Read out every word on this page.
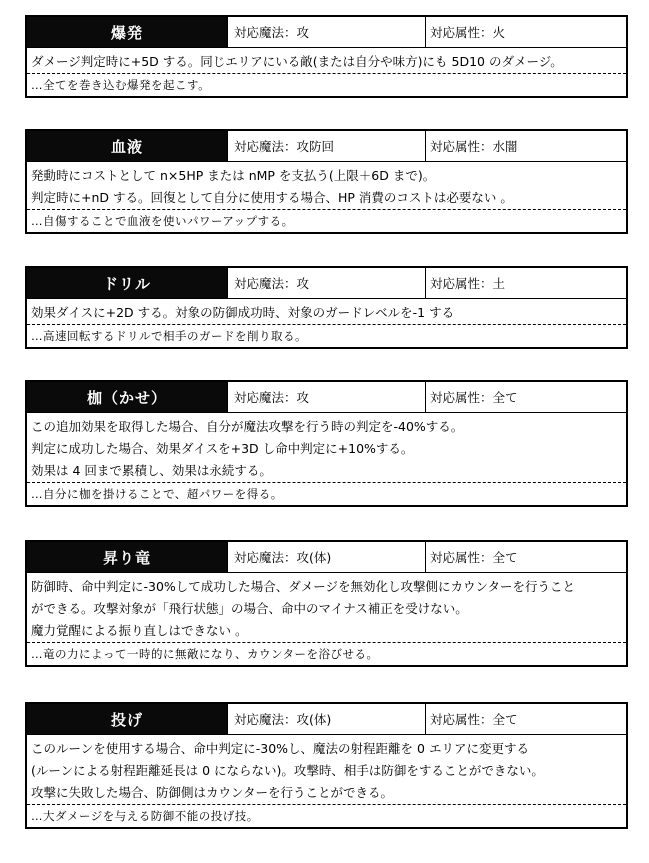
爆発	対応魔法：攻	対応属性：火
ダメージ判定時に+5D する。同じエリアにいる敵(または自分や味方)にも 5D10 のダメージ。
…全てを巻き込む爆発を起こす。
血液	対応魔法：攻防回	対応属性：水闇
発動時にコストとして n×5HP または nMP を支払う(上限＋6D まで)。
判定時に+nD する。回復として自分に使用する場合、HP 消費のコストは必要ない 。
…自傷することで血液を使いパワーアップする。
ドリル	対応魔法：攻	対応属性：土
効果ダイスに+2D する。対象の防御成功時、対象のガードレベルを-1 する
…高速回転するドリルで相手のガードを削り取る。
枷（かせ）	対応魔法：攻	対応属性：全て
この追加効果を取得した場合、自分が魔法攻撃を行う時の判定を-40%する。
判定に成功した場合、効果ダイスを+3D し命中判定に+10%する。
効果は 4 回まで累積し、効果は永続する。
…自分に枷を掛けることで、超パワーを得る。
昇り竜	対応魔法：攻(体)	対応属性：全て
防御時、命中判定に-30%して成功した場合、ダメージを無効化し攻撃側にカウンターを行うこと
ができる。攻撃対象が「飛行状態」の場合、命中のマイナス補正を受けない。
魔力覚醒による振り直しはできない 。
…竜の力によって一時的に無敵になり、カウンターを浴びせる。
投げ	対応魔法：攻(体)	対応属性：全て
このルーンを使用する場合、命中判定に-30%し、魔法の射程距離を 0 エリアに変更する
(ルーンによる射程距離延長は 0 にならない)。攻撃時、相手は防御をすることができない。
攻撃に失敗した場合、防御側はカウンターを行うことができる。
…大ダメージを与える防御不能の投げ技。
